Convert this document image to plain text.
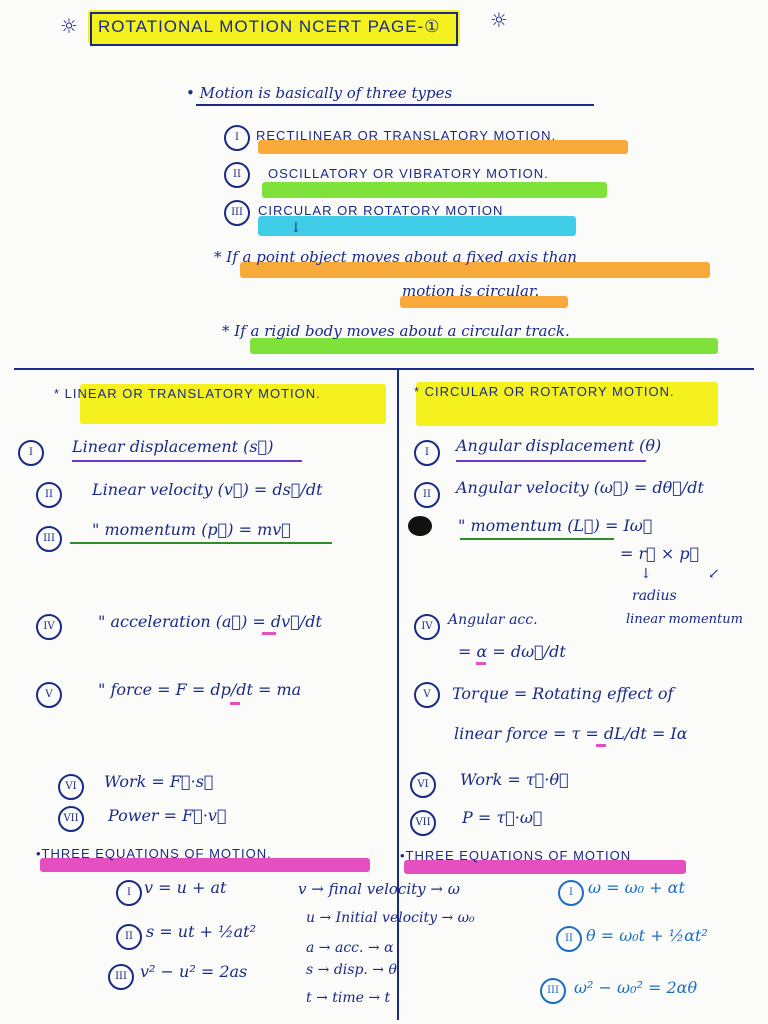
☼	☼
ROTATIONAL MOTION NCERT PAGE-①
• Motion is basically of three types
I	RECTILINEAR OR TRANSLATORY MOTION.
II	OSCILLATORY OR VIBRATORY MOTION.
III	CIRCULAR OR ROTATORY MOTION
↓
* If a point object moves about a fixed axis than
motion is circular.
* If a rigid body moves about a circular track.
* LINEAR OR TRANSLATORY MOTION.	* CIRCULAR OR ROTATORY MOTION.
I	Linear displacement (s⃗)
II	Linear velocity (v⃗) = ds⃗/dt
III	" momentum (p⃗) = mv⃗
IV	" acceleration (a⃗) = dv⃗/dt
V	" force = F = dp/dt = ma
VI	Work = F⃗·s⃗
VII	Power = F⃗·v⃗
I	Angular displacement (θ)
II	Angular velocity (ω⃗) = dθ⃗/dt
" momentum (L⃗) = Iω⃗
= r⃗ × p⃗
↓	↙
radius
linear momentum
IV	Angular acc.
= α = dω⃗/dt
V	Torque = Rotating effect of
linear force = τ = dL/dt = Iα
VI	Work = τ⃗·θ⃗
VII	P = τ⃗·ω⃗
•THREE EQUATIONS OF MOTION.	•THREE EQUATIONS OF MOTION
I v = u + at
II s = ut + ½at²
III v² − u² = 2as
v → final velocity → ω
u → Initial velocity → ω₀
a → acc. → α
s → disp. → θ
t → time → t
I ω = ω₀ + αt
II θ = ω₀t + ½αt²
III ω² − ω₀² = 2αθ
